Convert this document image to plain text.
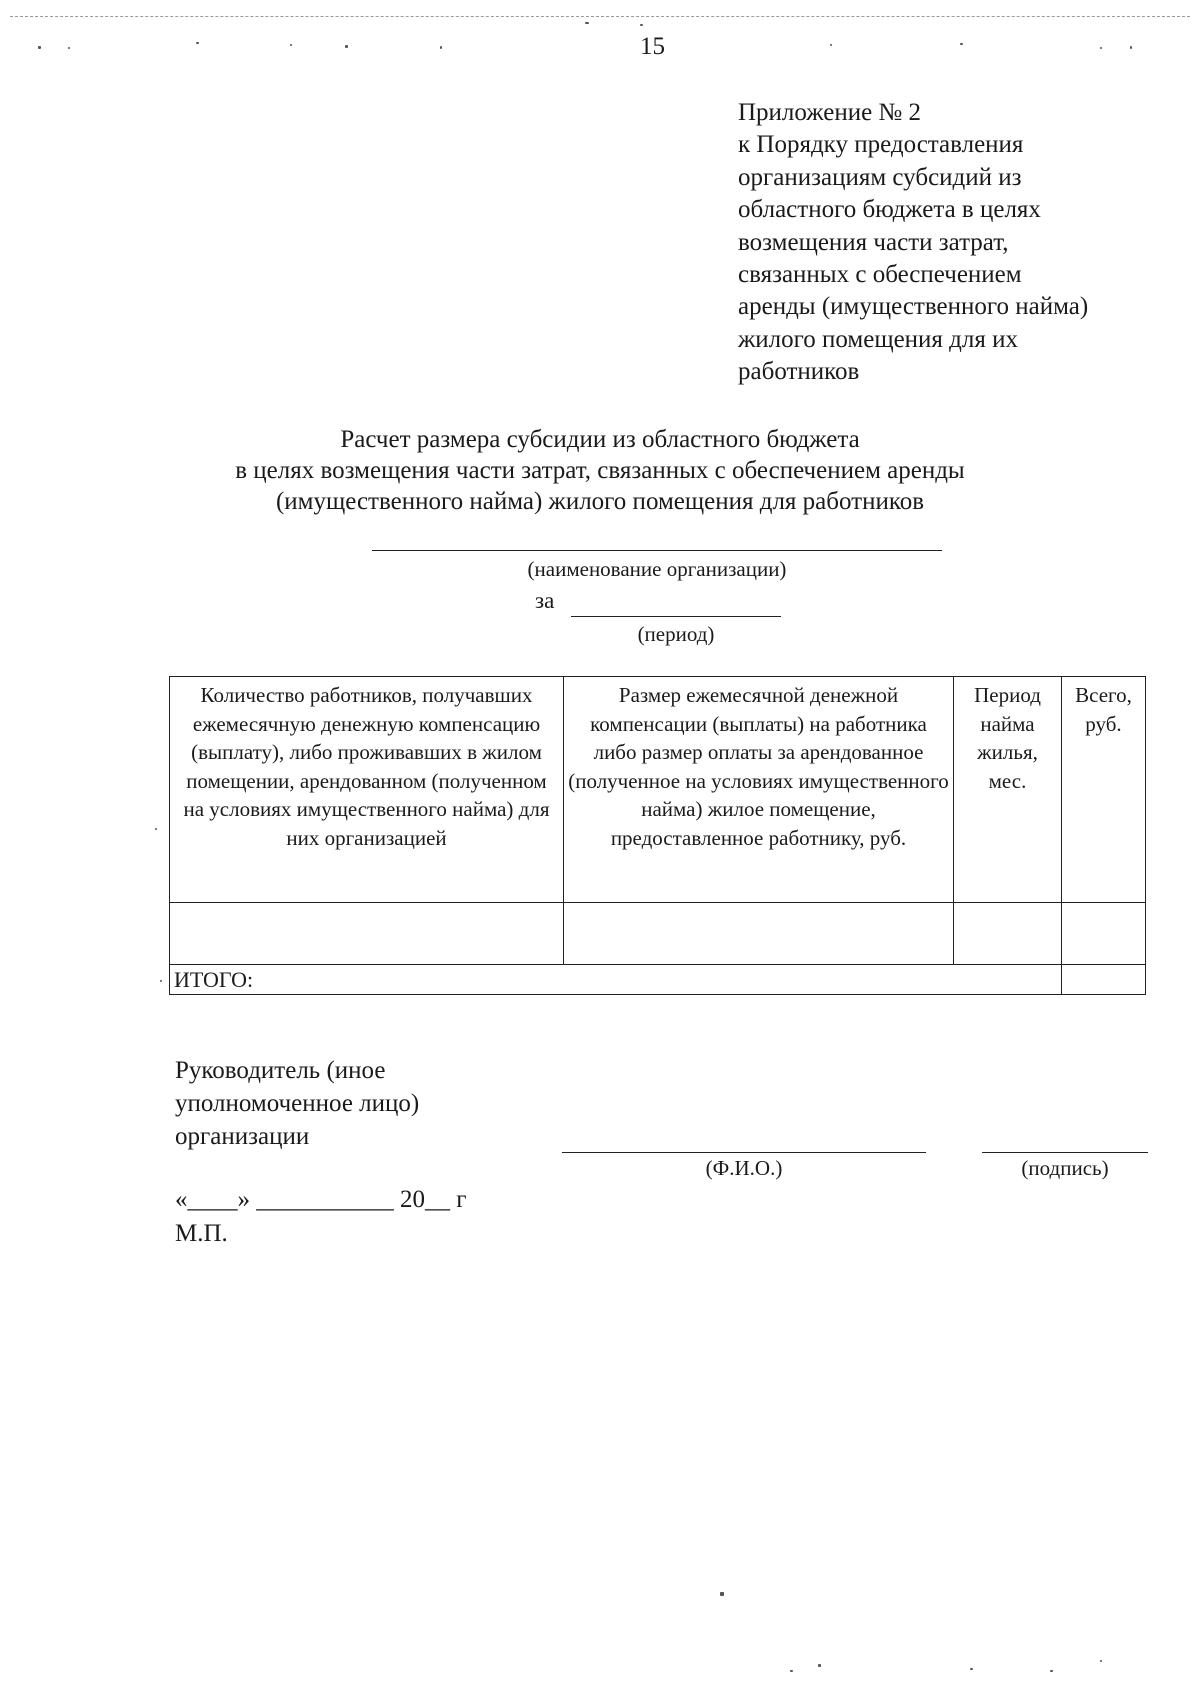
15
Приложение № 2
к Порядку предоставления
организациям субсидий из
областного бюджета в целях
возмещения части затрат,
связанных с обеспечением
аренды (имущественного найма)
жилого помещения для их
работников
Расчет размера субсидии из областного бюджета
в целях возмещения части затрат, связанных с обеспечением аренды
(имущественного найма) жилого помещения для работников
(наименование организации)
за
(период)
Количество работников, получавших ежемесячную денежную компенсацию (выплату), либо проживавших в жилом помещении, арендованном (полученном на условиях имущественного найма) для них организацией	Размер ежемесячной денежной компенсации (выплаты) на работника либо размер оплаты за арендованное (полученное на условиях имущественного найма) жилое помещение, предоставленное работнику, руб.	Период найма жилья, мес.	Всего, руб.

ИТОГО:			
Руководитель (иное
уполномоченное лицо)
организации
(Ф.И.О.)	(подпись)
«____» ___________ 20__ г
М.П.
